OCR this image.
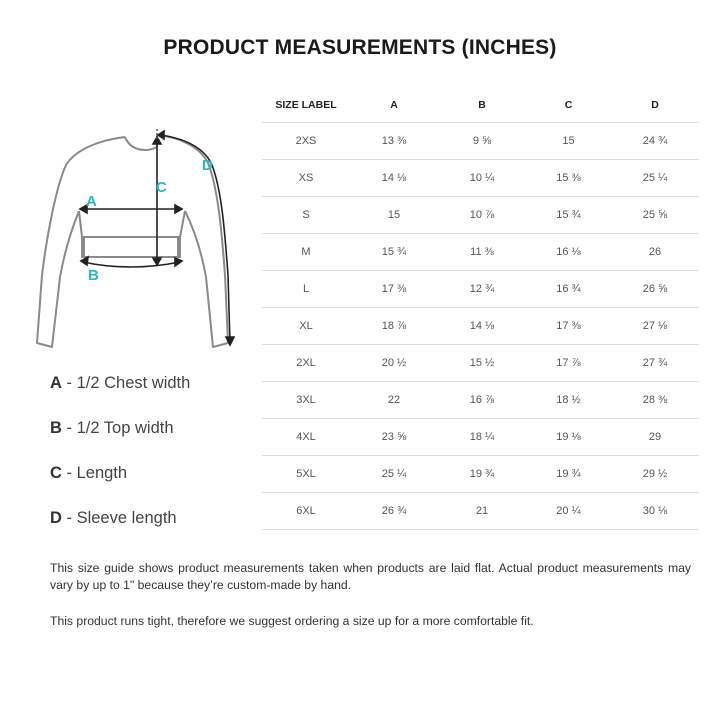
PRODUCT MEASUREMENTS (INCHES)
A
B
C
D
A - 1/2 Chest width
B - 1/2 Top width
C - Length
D - Sleeve length
SIZE LABEL	A	B	C	D
2XS	13 ⅜	9 ⅝	15	24 ¾
XS	14 ⅛	10 ¼	15 ⅜	25 ¼
S	15	10 ⅞	15 ¾	25 ⅝
M	15 ¾	11 ⅜	16 ⅛	26
L	17 ⅜	12 ¾	16 ¾	26 ⅝
XL	18 ⅞	14 ⅛	17 ⅜	27 ⅛
2XL	20 ½	15 ½	17 ⅞	27 ¾
3XL	22	16 ⅞	18 ½	28 ⅜
4XL	23 ⅝	18 ¼	19 ⅛	29
5XL	25 ¼	19 ¾	19 ¾	29 ½
6XL	26 ¾	21	20 ¼	30 ⅛
This size guide shows product measurements taken when products are laid flat. Actual product measurements may vary by up to 1" because they’re custom-made by hand.
This product runs tight, therefore we suggest ordering a size up for a more comfortable fit.
